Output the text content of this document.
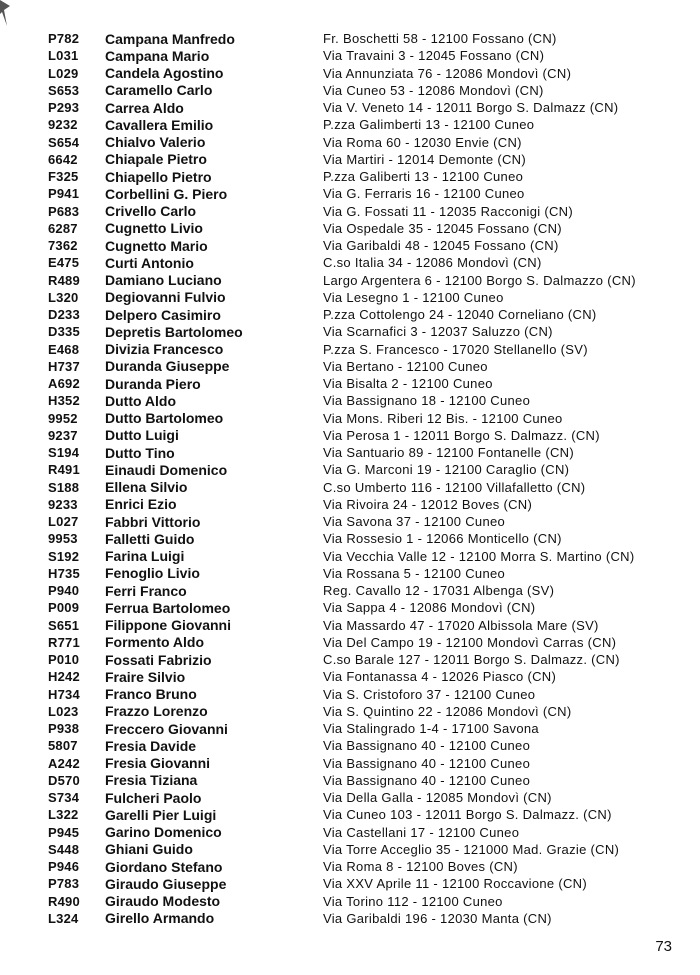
P782	Campana Manfredo	Fr. Boschetti 58 - 12100 Fossano (CN)
L031	Campana Mario	Via Travaini 3 - 12045 Fossano (CN)
L029	Candela Agostino	Via Annunziata 76 - 12086 Mondovì (CN)
S653	Caramello Carlo	Via Cuneo 53 - 12086 Mondovì (CN)
P293	Carrea Aldo	Via V. Veneto 14 - 12011 Borgo S. Dalmazz (CN)
9232	Cavallera Emilio	P.zza Galimberti 13 - 12100 Cuneo
S654	Chialvo Valerio	Via Roma 60 - 12030 Envie (CN)
6642	Chiapale Pietro	Via Martiri - 12014 Demonte (CN)
F325	Chiapello Pietro	P.zza Galiberti 13 - 12100 Cuneo
P941	Corbellini G. Piero	Via G. Ferraris 16 - 12100 Cuneo
P683	Crivello Carlo	Via G. Fossati 11 - 12035 Racconigi (CN)
6287	Cugnetto Livio	Via Ospedale 35 - 12045 Fossano (CN)
7362	Cugnetto Mario	Via Garibaldi 48 - 12045 Fossano (CN)
E475	Curti Antonio	C.so Italia 34 - 12086 Mondovì (CN)
R489	Damiano Luciano	Largo Argentera 6 - 12100 Borgo S. Dalmazzo (CN)
L320	Degiovanni Fulvio	Via Lesegno 1 - 12100 Cuneo
D233	Delpero Casimiro	P.zza Cottolengo 24 - 12040 Corneliano (CN)
D335	Depretis Bartolomeo	Via Scarnafici 3 - 12037 Saluzzo (CN)
E468	Divizia Francesco	P.zza S. Francesco - 17020 Stellanello (SV)
H737	Duranda Giuseppe	Via Bertano - 12100 Cuneo
A692	Duranda Piero	Via Bisalta 2 - 12100 Cuneo
H352	Dutto Aldo	Via Bassignano 18 - 12100 Cuneo
9952	Dutto Bartolomeo	Via Mons. Riberi 12 Bis. - 12100 Cuneo
9237	Dutto Luigi	Via Perosa 1 - 12011 Borgo S. Dalmazz. (CN)
S194	Dutto Tino	Via Santuario 89 - 12100 Fontanelle (CN)
R491	Einaudi Domenico	Via G. Marconi 19 - 12100 Caraglio (CN)
S188	Ellena Silvio	C.so Umberto 116 - 12100 Villafalletto (CN)
9233	Enrici Ezio	Via Rivoira 24 - 12012 Boves (CN)
L027	Fabbri Vittorio	Via Savona 37 - 12100 Cuneo
9953	Falletti Guido	Via Rossesio 1 - 12066 Monticello (CN)
S192	Farina Luigi	Via Vecchia Valle 12 - 12100 Morra S. Martino (CN)
H735	Fenoglio Livio	Via Rossana 5 - 12100 Cuneo
P940	Ferri Franco	Reg. Cavallo 12 - 17031 Albenga (SV)
P009	Ferrua Bartolomeo	Via Sappa 4 - 12086 Mondovì (CN)
S651	Filippone Giovanni	Via Massardo 47 - 17020 Albissola Mare (SV)
R771	Formento Aldo	Via Del Campo 19 - 12100 Mondovì Carras (CN)
P010	Fossati Fabrizio	C.so Barale 127 - 12011 Borgo S. Dalmazz. (CN)
H242	Fraire Silvio	Via Fontanassa 4 - 12026 Piasco (CN)
H734	Franco Bruno	Via S. Cristoforo 37 - 12100 Cuneo
L023	Frazzo Lorenzo	Via S. Quintino 22 - 12086 Mondovì (CN)
P938	Freccero Giovanni	Via Stalingrado 1-4 - 17100 Savona
5807	Fresia Davide	Via Bassignano 40 - 12100 Cuneo
A242	Fresia Giovanni	Via Bassignano 40 - 12100 Cuneo
D570	Fresia Tiziana	Via Bassignano 40 - 12100 Cuneo
S734	Fulcheri Paolo	Via Della Galla - 12085 Mondovì (CN)
L322	Garelli Pier Luigi	Via Cuneo 103 - 12011 Borgo S. Dalmazz. (CN)
P945	Garino Domenico	Via Castellani 17 - 12100 Cuneo
S448	Ghiani Guido	Via Torre Acceglio 35 - 121000 Mad. Grazie (CN)
P946	Giordano Stefano	Via Roma 8 - 12100 Boves (CN)
P783	Giraudo Giuseppe	Via XXV Aprile 11 - 12100 Roccavione (CN)
R490	Giraudo Modesto	Via Torino 112 - 12100 Cuneo
L324	Girello Armando	Via Garibaldi 196 - 12030 Manta (CN)
73
